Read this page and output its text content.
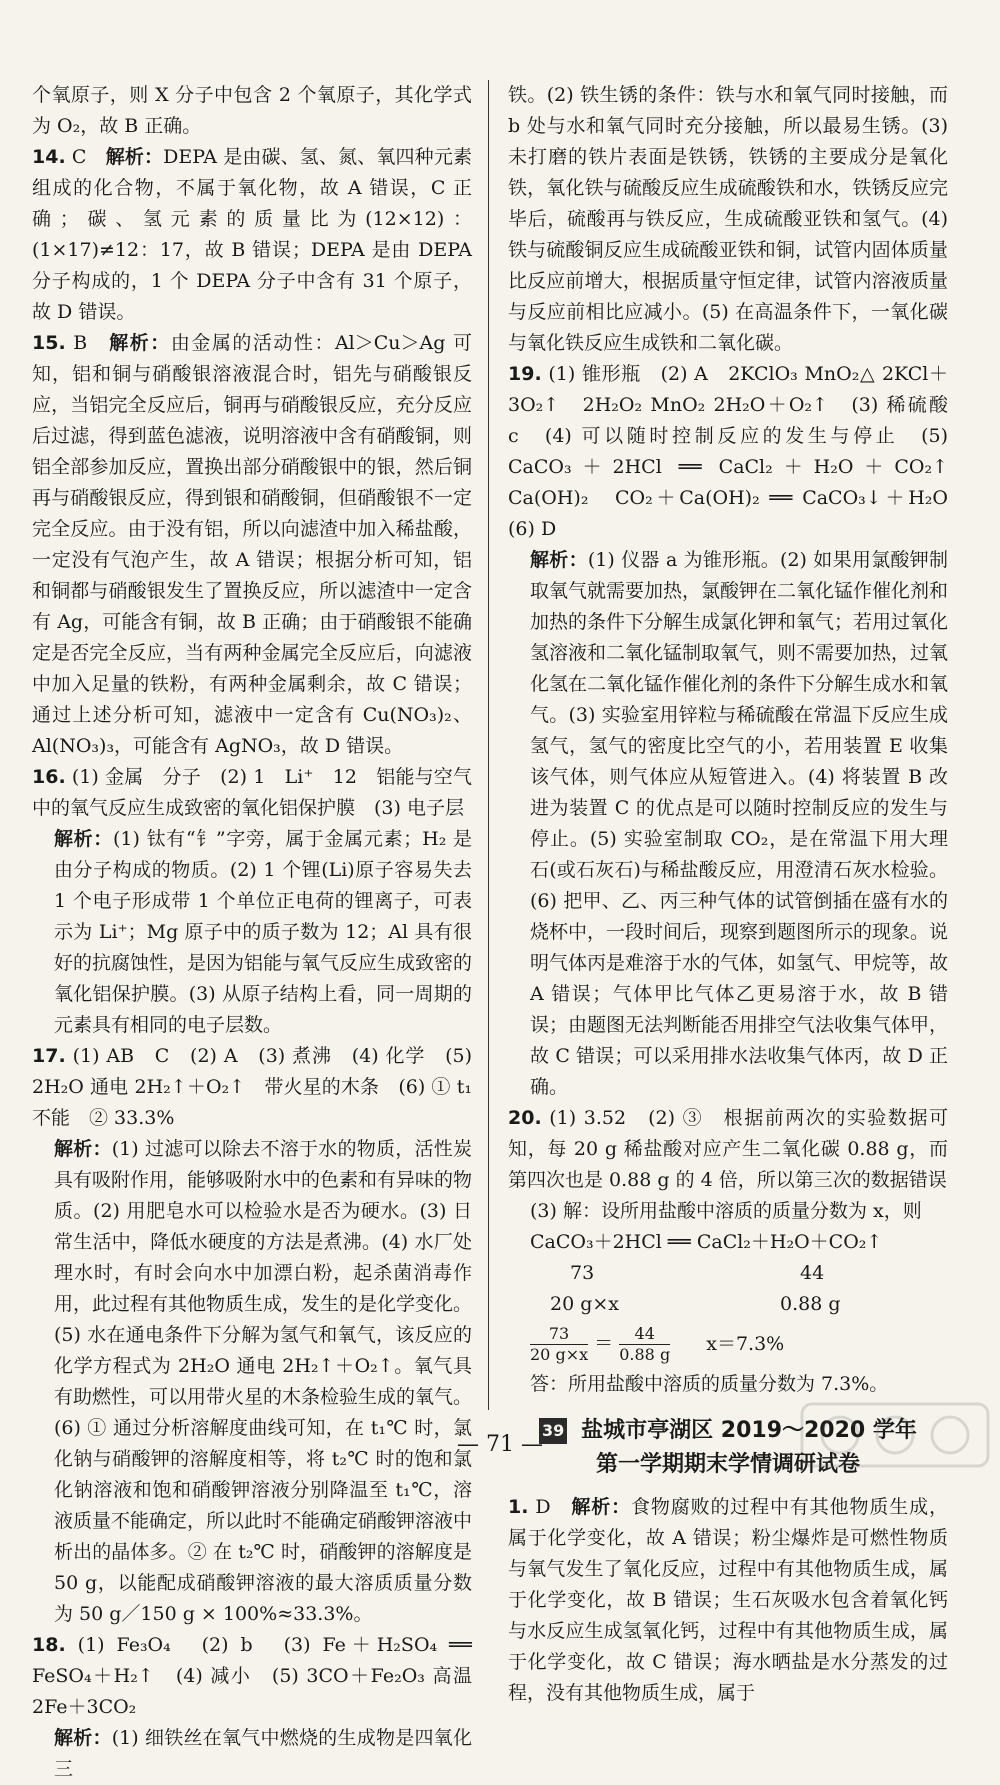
个氧原子，则 X 分子中包含 2 个氧原子，其化学式为 O₂，故 B 正确。

14. C　 解析：DEPA 是由碳、氢、氮、氧四种元素组成的化合物，不属于氧化物，故 A 错误，C 正确；碳、氢元素的质量比为(12×12)：(1×17)≠12：17，故 B 错误；DEPA 是由 DEPA 分子构成的，1 个 DEPA 分子中含有 31 个原子，故 D 错误。

15. B　 解析：由金属的活动性：Al＞Cu＞Ag 可知，铝和铜与硝酸银溶液混合时，铝先与硝酸银反应，当铝完全反应后，铜再与硝酸银反应，充分反应后过滤，得到蓝色滤液，说明溶液中含有硝酸铜，则铝全部参加反应，置换出部分硝酸银中的银，然后铜再与硝酸银反应，得到银和硝酸铜，但硝酸银不一定完全反应。由于没有铝，所以向滤渣中加入稀盐酸，一定没有气泡产生，故 A 错误；根据分析可知，铝和铜都与硝酸银发生了置换反应，所以滤渣中一定含有 Ag，可能含有铜，故 B 正确；由于硝酸银不能确定是否完全反应，当有两种金属完全反应后，向滤液中加入足量的铁粉，有两种金属剩余，故 C 错误；通过上述分析可知，滤液中一定含有 Cu(NO₃)₂、Al(NO₃)₃，可能含有 AgNO₃，故 D 错误。

16. (1) 金属　分子　(2) 1　Li⁺　12　铝能与空气中的氧气反应生成致密的氧化铝保护膜　(3) 电子层

解析：(1) 钛有“钅”字旁，属于金属元素；H₂ 是由分子构成的物质。(2) 1 个锂(Li)原子容易失去 1 个电子形成带 1 个单位正电荷的锂离子，可表示为 Li⁺；Mg 原子中的质子数为 12；Al 具有很好的抗腐蚀性，是因为铝能与氧气反应生成致密的氧化铝保护膜。(3) 从原子结构上看，同一周期的元素具有相同的电子层数。

17. (1) AB　C　(2) A　(3) 煮沸　(4) 化学　(5) 2H₂O 通电 2H₂↑＋O₂↑　带火星的木条　(6) ① t₁　不能　② 33.3%

解析：(1) 过滤可以除去不溶于水的物质，活性炭具有吸附作用，能够吸附水中的色素和有异味的物质。(2) 用肥皂水可以检验水是否为硬水。(3) 日常生活中，降低水硬度的方法是煮沸。(4) 水厂处理水时，有时会向水中加漂白粉，起杀菌消毒作用，此过程有其他物质生成，发生的是化学变化。(5) 水在通电条件下分解为氢气和氧气，该反应的化学方程式为 2H₂O 通电 2H₂↑＋O₂↑。氧气具有助燃性，可以用带火星的木条检验生成的氧气。(6) ① 通过分析溶解度曲线可知，在 t₁℃ 时，氯化钠与硝酸钾的溶解度相等，将 t₂℃ 时的饱和氯化钠溶液和饱和硝酸钾溶液分别降温至 t₁℃，溶液质量不能确定，所以此时不能确定硝酸钾溶液中析出的晶体多。② 在 t₂℃ 时，硝酸钾的溶解度是 50 g，以能配成硝酸钾溶液的最大溶质质量分数为 50 g／150 g × 100%≈33.3%。

18. (1) Fe₃O₄　(2) b　(3) Fe＋H₂SO₄ ══ FeSO₄＋H₂↑　(4) 减小　(5) 3CO＋Fe₂O₃ 高温 2Fe＋3CO₂

解析：(1) 细铁丝在氧气中燃烧的生成物是四氧化三

铁。(2) 铁生锈的条件：铁与水和氧气同时接触，而 b 处与水和氧气同时充分接触，所以最易生锈。(3) 未打磨的铁片表面是铁锈，铁锈的主要成分是氧化铁，氧化铁与硫酸反应生成硫酸铁和水，铁锈反应完毕后，硫酸再与铁反应，生成硫酸亚铁和氢气。(4) 铁与硫酸铜反应生成硫酸亚铁和铜，试管内固体质量比反应前增大，根据质量守恒定律，试管内溶液质量与反应前相比应减小。(5) 在高温条件下，一氧化碳与氧化铁反应生成铁和二氧化碳。

19. (1) 锥形瓶　(2) A　2KClO₃ MnO₂△ 2KCl＋3O₂↑　2H₂O₂ MnO₂ 2H₂O＋O₂↑　(3) 稀硫酸　c　(4) 可以随时控制反应的发生与停止　(5) CaCO₃＋2HCl ══ CaCl₂＋H₂O＋CO₂↑　Ca(OH)₂　CO₂＋Ca(OH)₂ ══ CaCO₃↓＋H₂O　(6) D

解析：(1) 仪器 a 为锥形瓶。(2) 如果用氯酸钾制取氧气就需要加热，氯酸钾在二氧化锰作催化剂和加热的条件下分解生成氯化钾和氧气；若用过氧化氢溶液和二氧化锰制取氧气，则不需要加热，过氧化氢在二氧化锰作催化剂的条件下分解生成水和氧气。(3) 实验室用锌粒与稀硫酸在常温下反应生成氢气，氢气的密度比空气的小，若用装置 E 收集该气体，则气体应从短管进入。(4) 将装置 B 改进为装置 C 的优点是可以随时控制反应的发生与停止。(5) 实验室制取 CO₂，是在常温下用大理石(或石灰石)与稀盐酸反应，用澄清石灰水检验。(6) 把甲、乙、丙三种气体的试管倒插在盛有水的烧杯中，一段时间后，现察到题图所示的现象。说明气体丙是难溶于水的气体，如氢气、甲烷等，故 A 错误；气体甲比气体乙更易溶于水，故 B 错误；由题图无法判断能否用排空气法收集气体甲，故 C 错误；可以采用排水法收集气体丙，故 D 正确。

20. (1) 3.52　(2) ③　根据前两次的实验数据可知，每 20 g 稀盐酸对应产生二氧化碳 0.88 g，而第四次也是 0.88 g 的 4 倍，所以第三次的数据错误

(3) 解：设所用盐酸中溶质的质量分数为 x，则

CaCO₃＋2HCl ══ CaCl₂＋H₂O＋CO₂↑

73	44
20 g×x	0.88 g
$\frac{73}{20 g\times x} = \frac{44}{0.88 g} x=7.3\%$

答：所用盐酸中溶质的质量分数为 7.3%。

39 盐城市亭湖区 2019～2020 学年
第一学期期末学情调研试卷

1. D　 解析：食物腐败的过程中有其他物质生成，属于化学变化，故 A 错误；粉尘爆炸是可燃性物质与氧气发生了氧化反应，过程中有其他物质生成，属于化学变化，故 B 错误；生石灰吸水包含着氧化钙与水反应生成氢氧化钙，过程中有其他物质生成，属于化学变化，故 C 错误；海水晒盐是水分蒸发的过程，没有其他物质生成，属于

— 71 —
